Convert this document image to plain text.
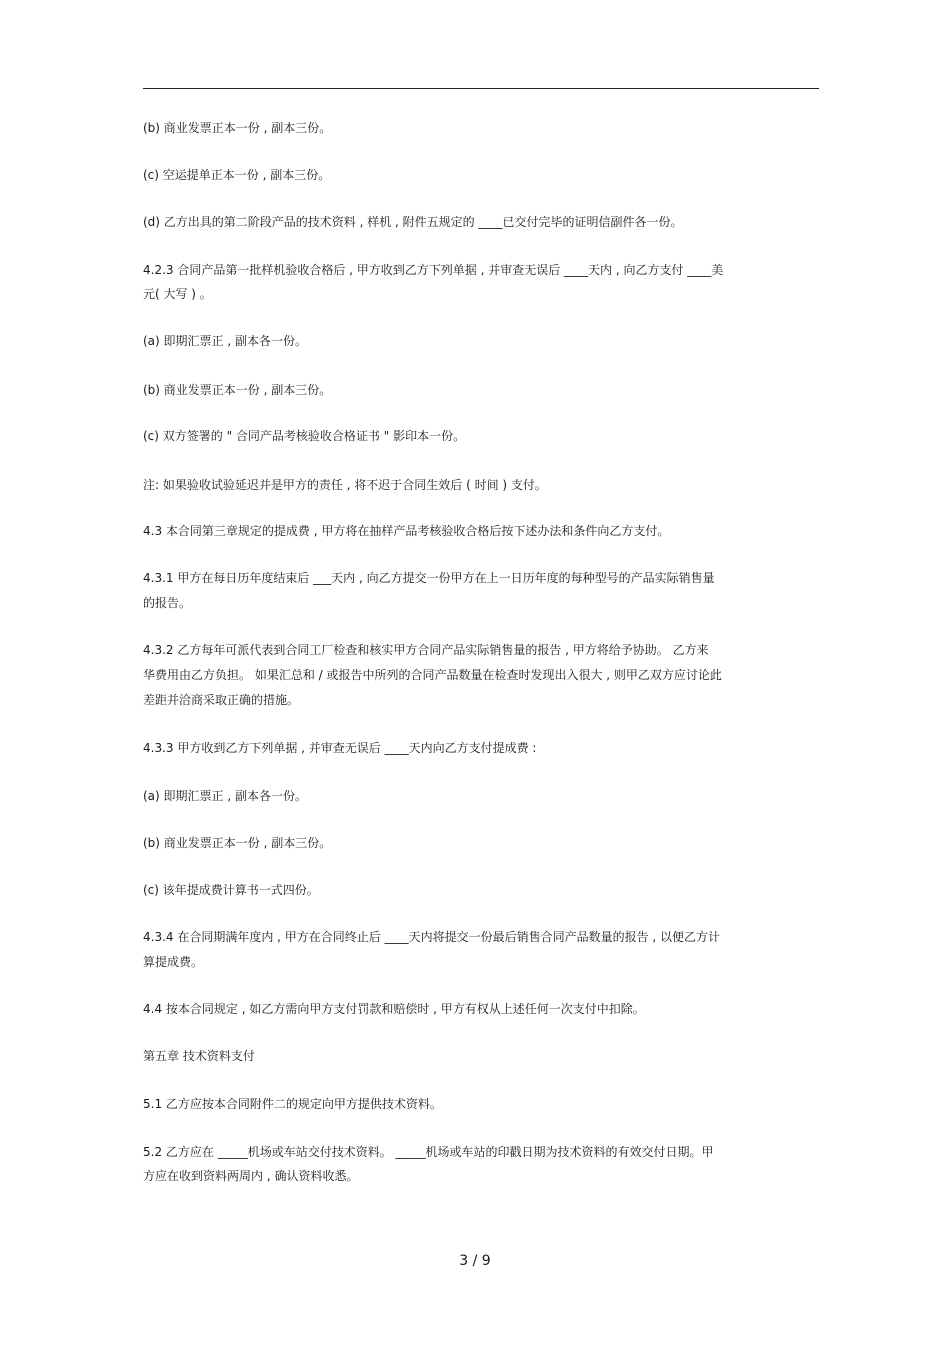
(b) 商业发票正本一份 , 副本三份。
(c) 空运提单正本一份 , 副本三份。
(d) 乙方出具的第二阶段产品的技术资料 , 样机 , 附件五规定的 ____已交付完毕的证明信副件各一份。
4.2.3 合同产品第一批样机验收合格后 , 甲方收到乙方下列单据 , 并审查无误后 ____天内 , 向乙方支付 ____美
元( 大写 ) 。
(a) 即期汇票正 , 副本各一份。
(b) 商业发票正本一份 , 副本三份。
(c) 双方签署的 " 合同产品考核验收合格证书 " 影印本一份。
注: 如果验收试验延迟并是甲方的责任 , 将不迟于合同生效后 ( 时间 ) 支付。
4.3 本合同第三章规定的提成费 , 甲方将在抽样产品考核验收合格后按下述办法和条件向乙方支付。
4.3.1 甲方在每日历年度结束后 ___天内 , 向乙方提交一份甲方在上一日历年度的每种型号的产品实际销售量
的报告。
4.3.2 乙方每年可派代表到合同工厂检查和核实甲方合同产品实际销售量的报告 , 甲方将给予协助。 乙方来
华费用由乙方负担。 如果汇总和 / 或报告中所列的合同产品数量在检查时发现出入很大 , 则甲乙双方应讨论此
差距并洽商采取正确的措施。
4.3.3 甲方收到乙方下列单据 , 并审查无误后 ____天内向乙方支付提成费 :
(a) 即期汇票正 , 副本各一份。
(b) 商业发票正本一份 , 副本三份。
(c) 该年提成费计算书一式四份。
4.3.4 在合同期满年度内 , 甲方在合同终止后 ____天内将提交一份最后销售合同产品数量的报告 , 以便乙方计
算提成费。
4.4 按本合同规定 , 如乙方需向甲方支付罚款和赔偿时 , 甲方有权从上述任何一次支付中扣除。
第五章 技术资料支付
5.1 乙方应按本合同附件二的规定向甲方提供技术资料。
5.2 乙方应在 _____机场或车站交付技术资料。 _____机场或车站的印戳日期为技术资料的有效交付日期。甲
方应在收到资料两周内 , 确认资料收悉。
3 / 9
